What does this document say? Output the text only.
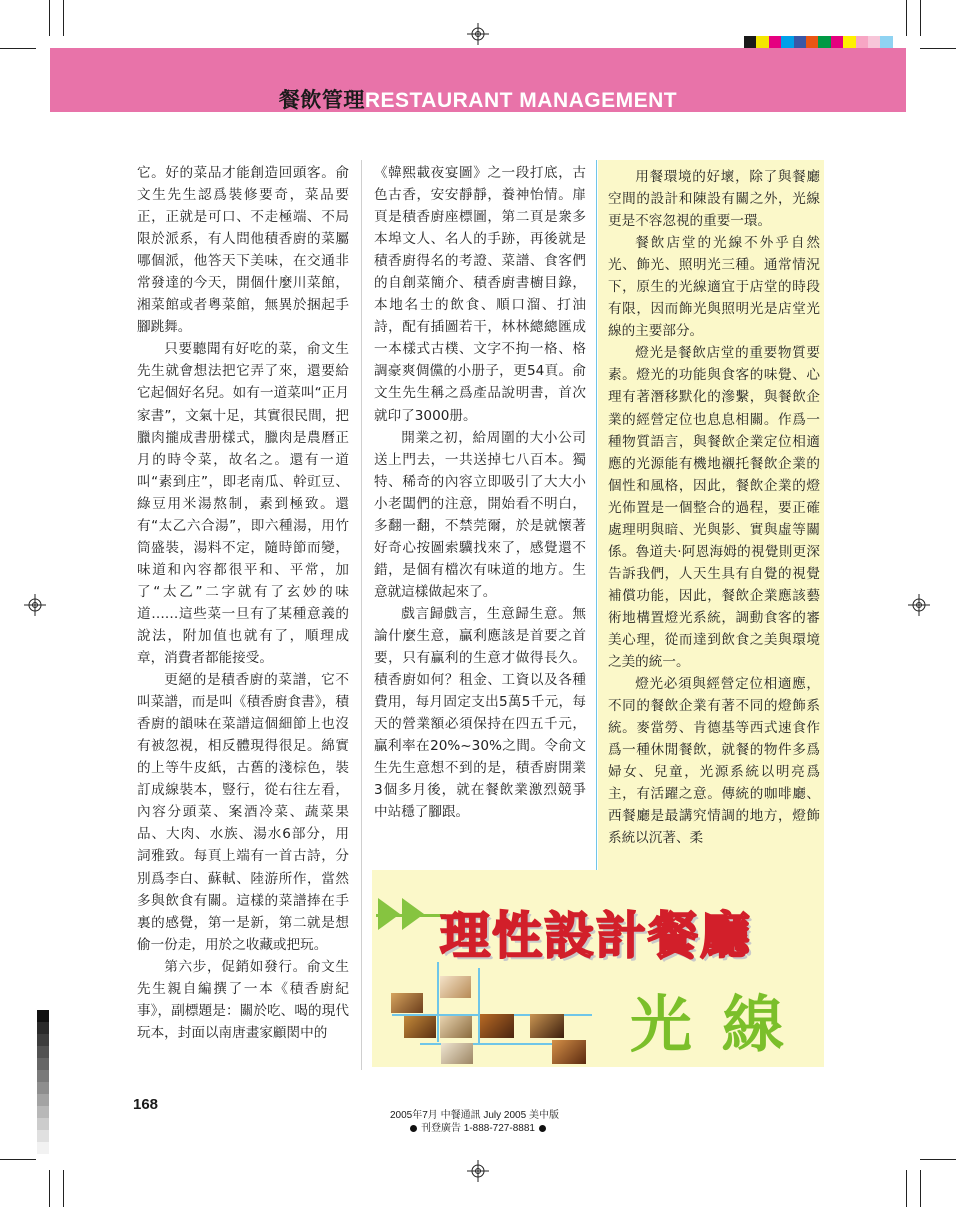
餐飲管理RESTAURANT MANAGEMENT

它。好的菜品才能創造回頭客。俞文生先生認爲裝修要奇，菜品要正，正就是可口、不走極端、不局限於派系，有人問他積香廚的菜屬哪個派，他答天下美味，在交通非常發達的今天，開個什麼川菜館，湘菜館或者粵菜館，無異於捆起手腳跳舞。

只要聽聞有好吃的菜，俞文生先生就會想法把它弄了來，還要給它起個好名兒。如有一道菜叫“正月家書”，文氣十足，其實很民間，把臘肉攏成書册樣式，臘肉是農曆正月的時令菜，故名之。還有一道叫“素到庄”，即老南瓜、幹豇豆、綠豆用米湯熬制，素到極致。還有“太乙六合湯”，即六種湯，用竹筒盛裝，湯料不定，隨時節而變，味道和內容都很平和、平常，加了“太乙”二字就有了玄妙的味道……這些菜一旦有了某種意義的說法，附加值也就有了，順理成章，消費者都能接受。

更絕的是積香廚的菜譜，它不叫菜譜，而是叫《積香廚食書》，積香廚的韻味在菜譜這個細節上也沒有被忽視，相反體現得很足。綿實的上等牛皮紙，古舊的淺棕色，裝訂成線裝本，豎行，從右往左看，內容分頭菜、案酒冷菜、蔬菜果品、大肉、水族、湯水6部分，用詞雅致。每頁上端有一首古詩，分別爲李白、蘇軾、陸游所作，當然多與飲食有關。這樣的菜譜捧在手裏的感覺，第一是新，第二就是想偷一份走，用於之收藏或把玩。

第六步，促銷如發行。俞文生先生親自編撰了一本《積香廚紀事》，副標題是：關於吃、喝的現代玩本，封面以南唐畫家顧閎中的

《韓熙載夜宴圖》之一段打底，古色古香，安安靜靜，養神怡情。扉頁是積香廚座標圖，第二頁是衆多本埠文人、名人的手跡，再後就是積香廚得名的考證、菜譜、食客們的自創菜簡介、積香廚書櫥目錄，本地名士的飲食、順口溜、打油詩，配有插圖若干，林林總總匯成一本樣式古樸、文字不拘一格、格調豪爽倜儻的小册子，更54頁。俞文生先生稱之爲產品說明書，首次就印了3000册。

開業之初，給周圍的大小公司送上門去，一共送掉七八百本。獨特、稀奇的內容立即吸引了大大小小老闆們的注意，開始看不明白，多翻一翻，不禁莞爾，於是就懷著好奇心按圖索驥找來了，感覺還不錯，是個有檔次有味道的地方。生意就這樣做起來了。

戲言歸戲言，生意歸生意。無論什麼生意，贏利應該是首要之首要，只有贏利的生意才做得長久。積香廚如何？租金、工資以及各種費用，每月固定支出5萬5千元，每天的營業額必須保持在四五千元，贏利率在20%~30%之間。令俞文生先生意想不到的是，積香廚開業3個多月後，就在餐飲業激烈競爭中站穩了腳跟。

用餐環境的好壞，除了與餐廳空間的設計和陳設有關之外，光線更是不容忽視的重要一環。

餐飲店堂的光線不外乎自然光、飾光、照明光三種。通常情況下，原生的光線適宜于店堂的時段有限，因而飾光與照明光是店堂光線的主要部分。

燈光是餐飲店堂的重要物質要素。燈光的功能與食客的味覺、心理有著潛移默化的滲繫，與餐飲企業的經營定位也息息相關。作爲一種物質語言，與餐飲企業定位相適應的光源能有機地襯托餐飲企業的個性和風格，因此，餐飲企業的燈光佈置是一個整合的過程，要正確處理明與暗、光與影、實與虛等關係。魯道夫·阿恩海姆的視覺則更深告訴我們，人天生具有自覺的視覺補償功能，因此，餐飲企業應該藝術地構置燈光系統，調動食客的審美心理，從而達到飲食之美與環境之美的統一。

燈光必須與經營定位相適應，不同的餐飲企業有著不同的燈飾系統。麥當勞、肯德基等西式速食作爲一種休閒餐飲，就餐的物件多爲婦女、兒童，光源系統以明亮爲主，有活躍之意。傳統的咖啡廳、西餐廳是最講究情調的地方，燈飾系統以沉著、柔

理性設計餐廳
光線
168
2005年7月 中餐通訊 July 2005 美中版
刊登廣告 1-888-727-8881
